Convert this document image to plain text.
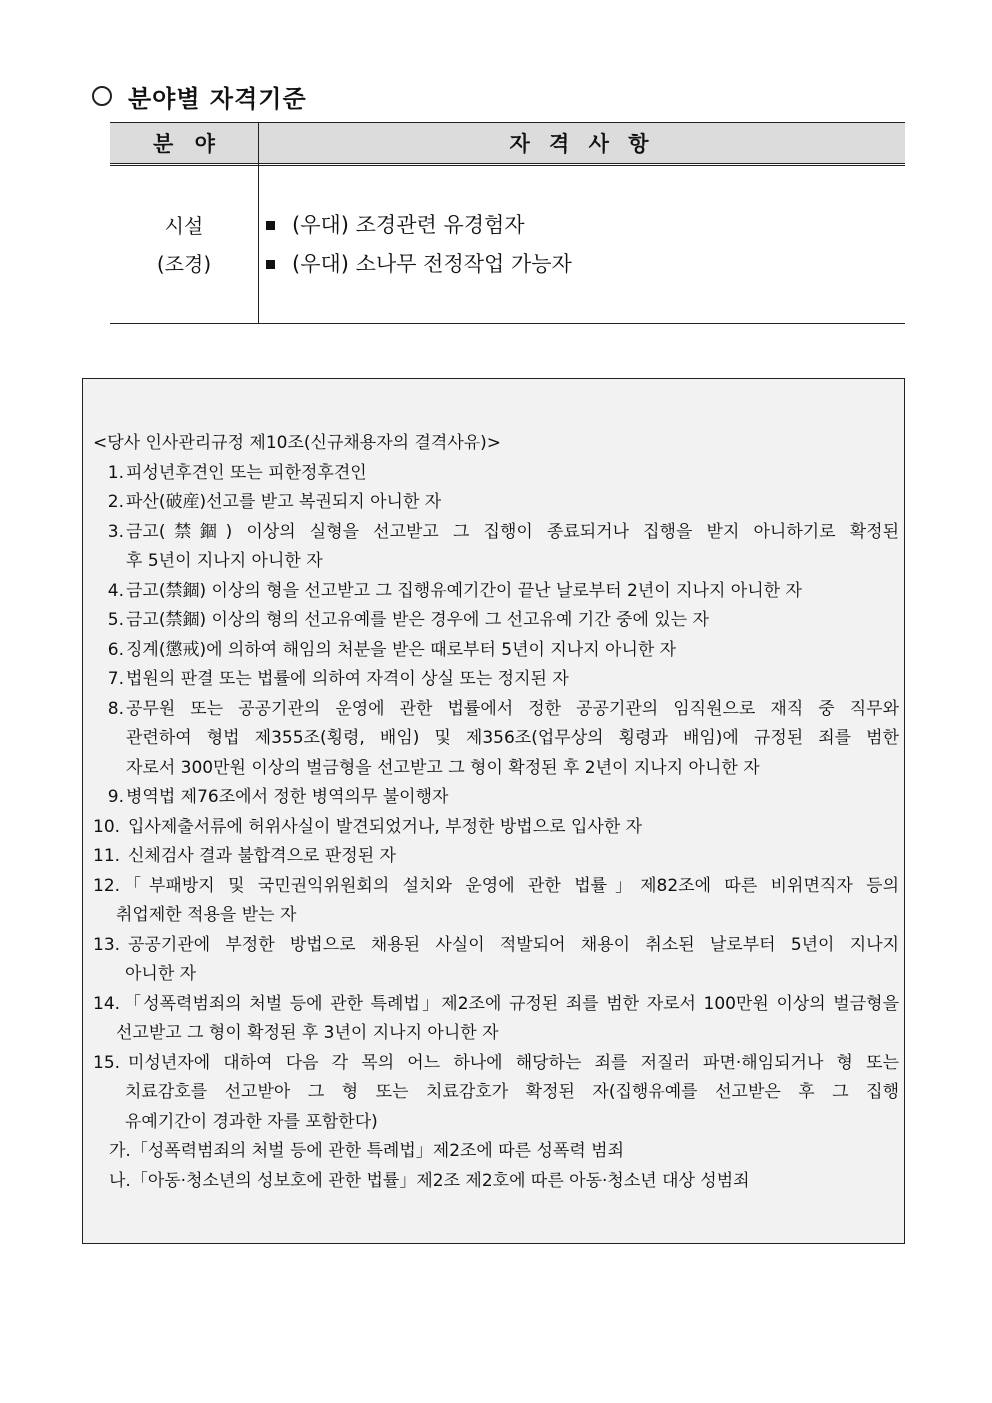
분야별 자격기준
분 야	자 격 사 항
시설
(조경)
(우대) 조경관련 유경험자
(우대) 소나무 전정작업 가능자
<당사 인사관리규정 제10조(신규채용자의 결격사유)>
1. 피성년후견인 또는 피한정후견인
2. 파산(破産)선고를 받고 복권되지 아니한 자
3. 금고(禁錮) 이상의 실형을 선고받고 그 집행이 종료되거나 집행을 받지 아니하기로 확정된
후 5년이 지나지 아니한 자
4. 금고(禁錮) 이상의 형을 선고받고 그 집행유예기간이 끝난 날로부터 2년이 지나지 아니한 자
5. 금고(禁錮) 이상의 형의 선고유예를 받은 경우에 그 선고유예 기간 중에 있는 자
6. 징계(懲戒)에 의하여 해임의 처분을 받은 때로부터 5년이 지나지 아니한 자
7. 법원의 판결 또는 법률에 의하여 자격이 상실 또는 정지된 자
8. 공무원 또는 공공기관의 운영에 관한 법률에서 정한 공공기관의 임직원으로 재직 중 직무와
관련하여 형법 제355조(횡령, 배임) 및 제356조(업무상의 횡령과 배임)에 규정된 죄를 범한
자로서 300만원 이상의 벌금형을 선고받고 그 형이 확정된 후 2년이 지나지 아니한 자
9. 병역법 제76조에서 정한 병역의무 불이행자
10. 입사제출서류에 허위사실이 발견되었거나, 부정한 방법으로 입사한 자
11. 신체검사 결과 불합격으로 판정된 자
12. 「부패방지 및 국민권익위원회의 설치와 운영에 관한 법률」제82조에 따른 비위면직자 등의
취업제한 적용을 받는 자
13. 공공기관에 부정한 방법으로 채용된 사실이 적발되어 채용이 취소된 날로부터 5년이 지나지
아니한 자
14. 「성폭력범죄의 처벌 등에 관한 특례법」제2조에 규정된 죄를 범한 자로서 100만원 이상의 벌금형을
선고받고 그 형이 확정된 후 3년이 지나지 아니한 자
15. 미성년자에 대하여 다음 각 목의 어느 하나에 해당하는 죄를 저질러 파면·해임되거나 형 또는
치료감호를 선고받아 그 형 또는 치료감호가 확정된 자(집행유예를 선고받은 후 그 집행
유예기간이 경과한 자를 포함한다)
가.「성폭력범죄의 처벌 등에 관한 특례법」제2조에 따른 성폭력 범죄
나.「아동·청소년의 성보호에 관한 법률」제2조 제2호에 따른 아동·청소년 대상 성범죄
